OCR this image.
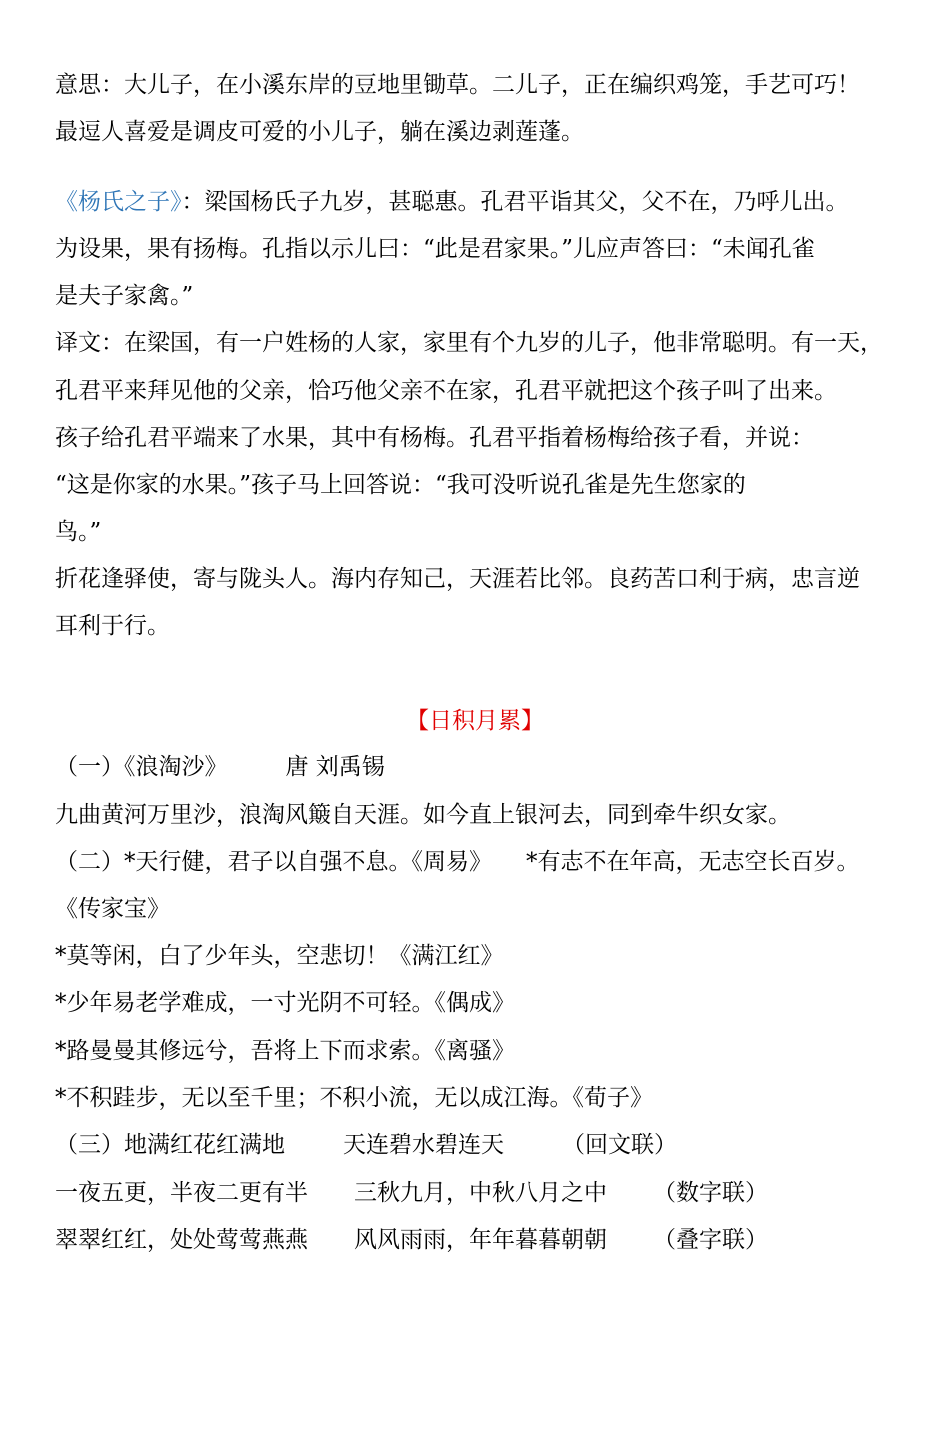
意思：大儿子，在小溪东岸的豆地里锄草。二儿子，正在编织鸡笼，手艺可巧！
最逗人喜爱是调皮可爱的小儿子，躺在溪边剥莲蓬。
《杨氏之子》：梁国杨氏子九岁，甚聪惠。孔君平诣其父，父不在，乃呼儿出。
为设果，果有扬梅。孔指以示儿曰：“此是君家果。”儿应声答曰：“未闻孔雀
是夫子家禽。”
译文：在梁国，有一户姓杨的人家，家里有个九岁的儿子，他非常聪明。有一天，
孔君平来拜见他的父亲，恰巧他父亲不在家，孔君平就把这个孩子叫了出来。
孩子给孔君平端来了水果，其中有杨梅。孔君平指着杨梅给孩子看，并说：
“这是你家的水果。”孩子马上回答说：“我可没听说孔雀是先生您家的
鸟。”
折花逢驿使，寄与陇头人。海内存知己，天涯若比邻。良药苦口利于病，忠言逆
耳利于行。
【日积月累】
（一）《浪淘沙》	唐 刘禹锡
九曲黄河万里沙，浪淘风簸自天涯。如今直上银河去，同到牵牛织女家。
（二）*天行健，君子以自强不息。《周易》 *有志不在年高，无志空长百岁。
《传家宝》
*莫等闲，白了少年头，空悲切！《满江红》
*少年易老学难成，一寸光阴不可轻。《偶成》
*路曼曼其修远兮，吾将上下而求索。《离骚》
*不积跬步，无以至千里；不积小流，无以成江海。《荀子》
（三）地满红花红满地	天连碧水碧连天	（回文联）
一夜五更，半夜二更有半 三秋九月，中秋八月之中 （数字联）
翠翠红红，处处莺莺燕燕 风风雨雨，年年暮暮朝朝 （叠字联）
